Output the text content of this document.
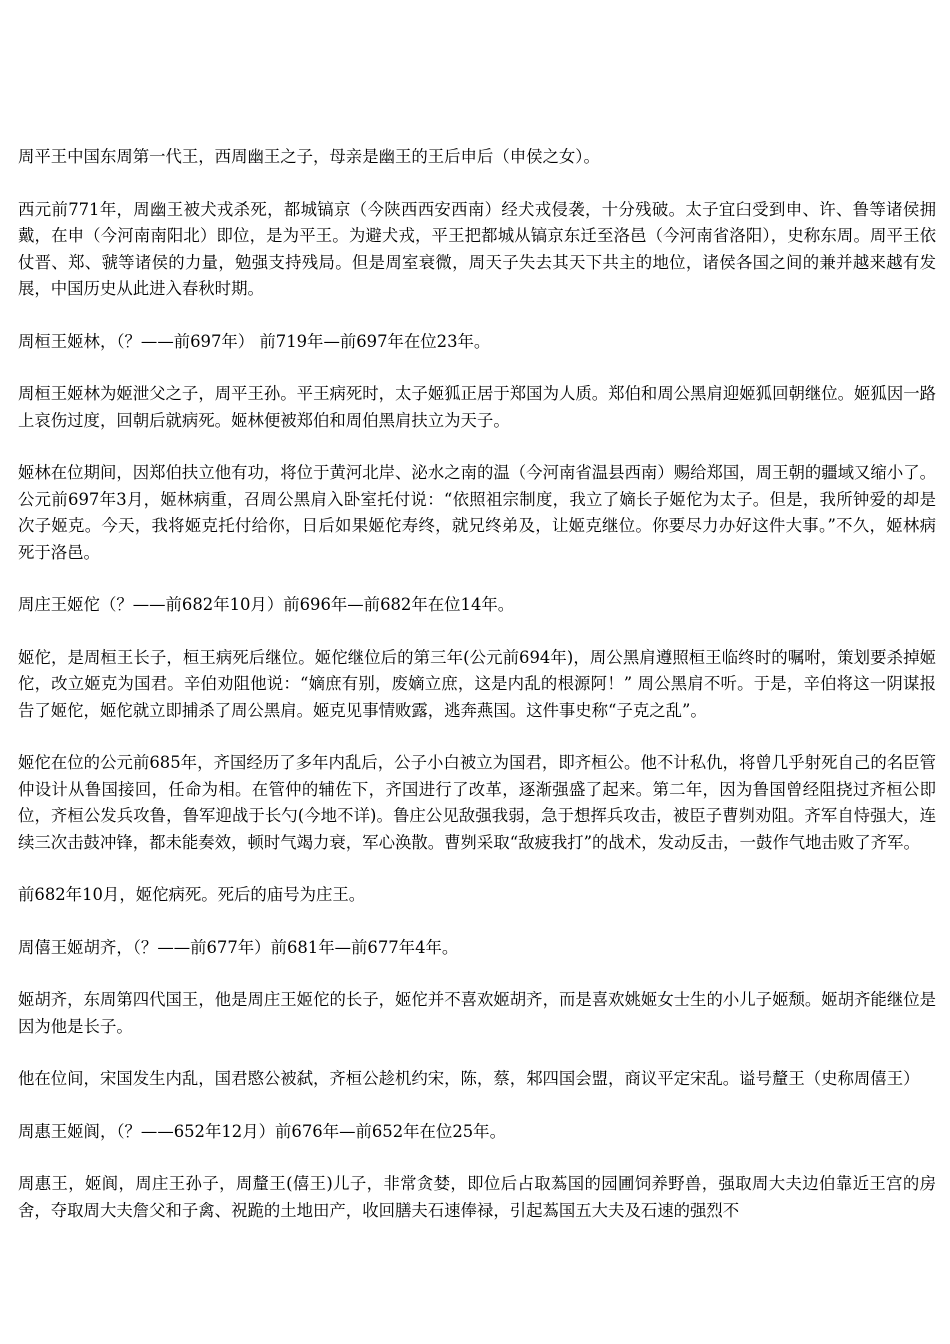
周平王中国东周第一代王，西周幽王之子，母亲是幽王的王后申后（申侯之女）。

西元前771年，周幽王被犬戎杀死，都城镐京（今陕西西安西南）经犬戎侵袭，十分残破。太子宜臼受到申、许、鲁等诸侯拥戴，在申（今河南南阳北）即位，是为平王。为避犬戎，平王把都城从镐京东迁至洛邑（今河南省洛阳），史称东周。周平王依仗晋、郑、虢等诸侯的力量，勉强支持残局。但是周室衰微，周天子失去其天下共主的地位，诸侯各国之间的兼并越来越有发展，中国历史从此进入春秋时期。

周桓王姬林，（？——前697年） 前719年—前697年在位23年。

周桓王姬林为姬泄父之子，周平王孙。平王病死时，太子姬狐正居于郑国为人质。郑伯和周公黑肩迎姬狐回朝继位。姬狐因一路上哀伤过度，回朝后就病死。姬林便被郑伯和周伯黑肩扶立为天子。

姬林在位期间，因郑伯扶立他有功，将位于黄河北岸、泌水之南的温（今河南省温县西南）赐给郑国，周王朝的疆域又缩小了。公元前697年3月，姬林病重，召周公黑肩入卧室托付说：“依照祖宗制度，我立了嫡长子姬佗为太子。但是，我所钟爱的却是次子姬克。今天，我将姬克托付给你，日后如果姬佗寿终，就兄终弟及，让姬克继位。你要尽力办好这件大事。”不久，姬林病死于洛邑。

周庄王姬佗（？——前682年10月）前696年—前682年在位14年。

姬佗，是周桓王长子，桓王病死后继位。姬佗继位后的第三年(公元前694年)，周公黑肩遵照桓王临终时的嘱咐，策划要杀掉姬佗，改立姬克为国君。辛伯劝阻他说：“嫡庶有别，废嫡立庶，这是内乱的根源阿！” 周公黑肩不听。于是，辛伯将这一阴谋报告了姬佗，姬佗就立即捕杀了周公黑肩。姬克见事情败露，逃奔燕国。这件事史称“子克之乱”。

姬佗在位的公元前685年，齐国经历了多年内乱后，公子小白被立为国君，即齐桓公。他不计私仇，将曾几乎射死自己的名臣管仲设计从鲁国接回，任命为相。在管仲的辅佐下，齐国进行了改革，逐渐强盛了起来。第二年，因为鲁国曾经阻挠过齐桓公即位，齐桓公发兵攻鲁，鲁军迎战于长勺(今地不详)。鲁庄公见敌强我弱，急于想挥兵攻击，被臣子曹刿劝阻。齐军自恃强大，连续三次击鼓冲锋，都未能奏效，顿时气竭力衰，军心涣散。曹刿采取“敌疲我打”的战术，发动反击，一鼓作气地击败了齐军。

前682年10月，姬佗病死。死后的庙号为庄王。

周僖王姬胡齐，（？——前677年）前681年—前677年4年。

姬胡齐，东周第四代国王，他是周庄王姬佗的长子，姬佗并不喜欢姬胡齐，而是喜欢姚姬女士生的小儿子姬颓。姬胡齐能继位是因为他是长子。

他在位间，宋国发生内乱，国君愍公被弑，齐桓公趁机约宋，陈，蔡，邾四国会盟，商议平定宋乱。谥号釐王（史称周僖王）

周惠王姬阆，（？——652年12月）前676年—前652年在位25年。

周惠王，姬阆，周庄王孙子，周釐王(僖王)儿子，非常贪婪，即位后占取蒍国的园圃饲养野兽，强取周大夫边伯靠近王宫的房舍，夺取周大夫詹父和子禽、祝跪的土地田产，收回膳夫石速俸禄，引起蒍国五大夫及石速的强烈不
